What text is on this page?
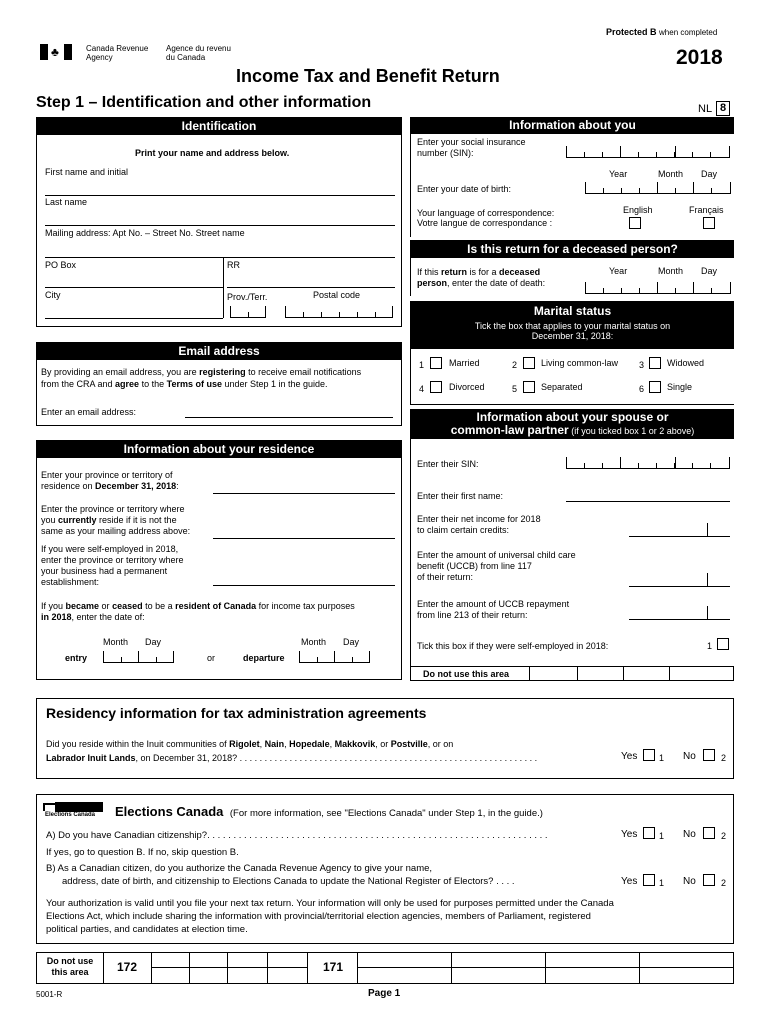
Protected B when completed
♣	Canada Revenue
Agency
Agence du revenu
du Canada	2018
Income Tax and Benefit Return
Step 1 – Identification and other information	NL 8
Identification
Print your name and address below.
First name and initial
Last name
Mailing address: Apt No. – Street No. Street name
PO Box	RR
City	Prov./Terr.	Postal code
Email address
By providing an email address, you are registering to receive email notifications
from the CRA and agree to the Terms of use under Step 1 in the guide.
Enter an email address:
Information about your residence
Enter your province or territory of
residence on December 31, 2018:
Enter the province or territory where
you currently reside if it is not the
same as your mailing address above:
If you were self-employed in 2018,
enter the province or territory where
your business had a permanent
establishment:
If you became or ceased to be a resident of Canada for income tax purposes
in 2018, enter the date of:
Month Day
entry	or
Month Day
departure
Information about you
Enter your social insurance
number (SIN):
Year	Month Day
Enter your date of birth:
Your language of correspondence:
Votre langue de correspondance :
English	Français
Is this return for a deceased person?
Year	Month Day
If this return is for a deceased
person, enter the date of death:
Marital status
Tick the box that applies to your marital status on
December 31, 2018:
1	Married	2	Living common-law 3	Widowed
4	Divorced	5	Separated	6	Single
Information about your spouse or
common-law partner (if you ticked box 1 or 2 above)
Enter their SIN:
Enter their first name:
Enter their net income for 2018
to claim certain credits:
Enter the amount of universal child care
benefit (UCCB) from line 117
of their return:
Enter the amount of UCCB repayment
from line 213 of their return:
Tick this box if they were self-employed in 2018:	1
Do not use this area
Residency information for tax administration agreements
Did you reside within the Inuit communities of Rigolet, Nain, Hopedale, Makkovik, or Postville, or on
Labrador Inuit Lands, on December 31, 2018? . . . . . . . . . . . . . . . . . . . . . . . . . . . . . . . . . . . . . . . . . . . . . . . . . . . . . . . . . . . .	Yes 1 No	2
Elections Canada Elections Canada (For more information, see "Elections Canada" under Step 1, in the guide.)
A) Do you have Canadian citizenship?. . . . . . . . . . . . . . . . . . . . . . . . . . . . . . . . . . . . . . . . . . . . . . . . . . . . . . . . . . . . . . . . .	Yes 1 No	2
If yes, go to question B. If no, skip question B.
B) As a Canadian citizen, do you authorize the Canada Revenue Agency to give your name,
address, date of birth, and citizenship to Elections Canada to update the National Register of Electors? . . . .	Yes 1 No	2
Your authorization is valid until you file your next tax return. Your information will only be used for purposes permitted under the Canada
Elections Act, which include sharing the information with provincial/territorial election agencies, members of Parliament, registered
political parties, and candidates at election time.
Do not use
this area	172	171
5001-R	Page 1
